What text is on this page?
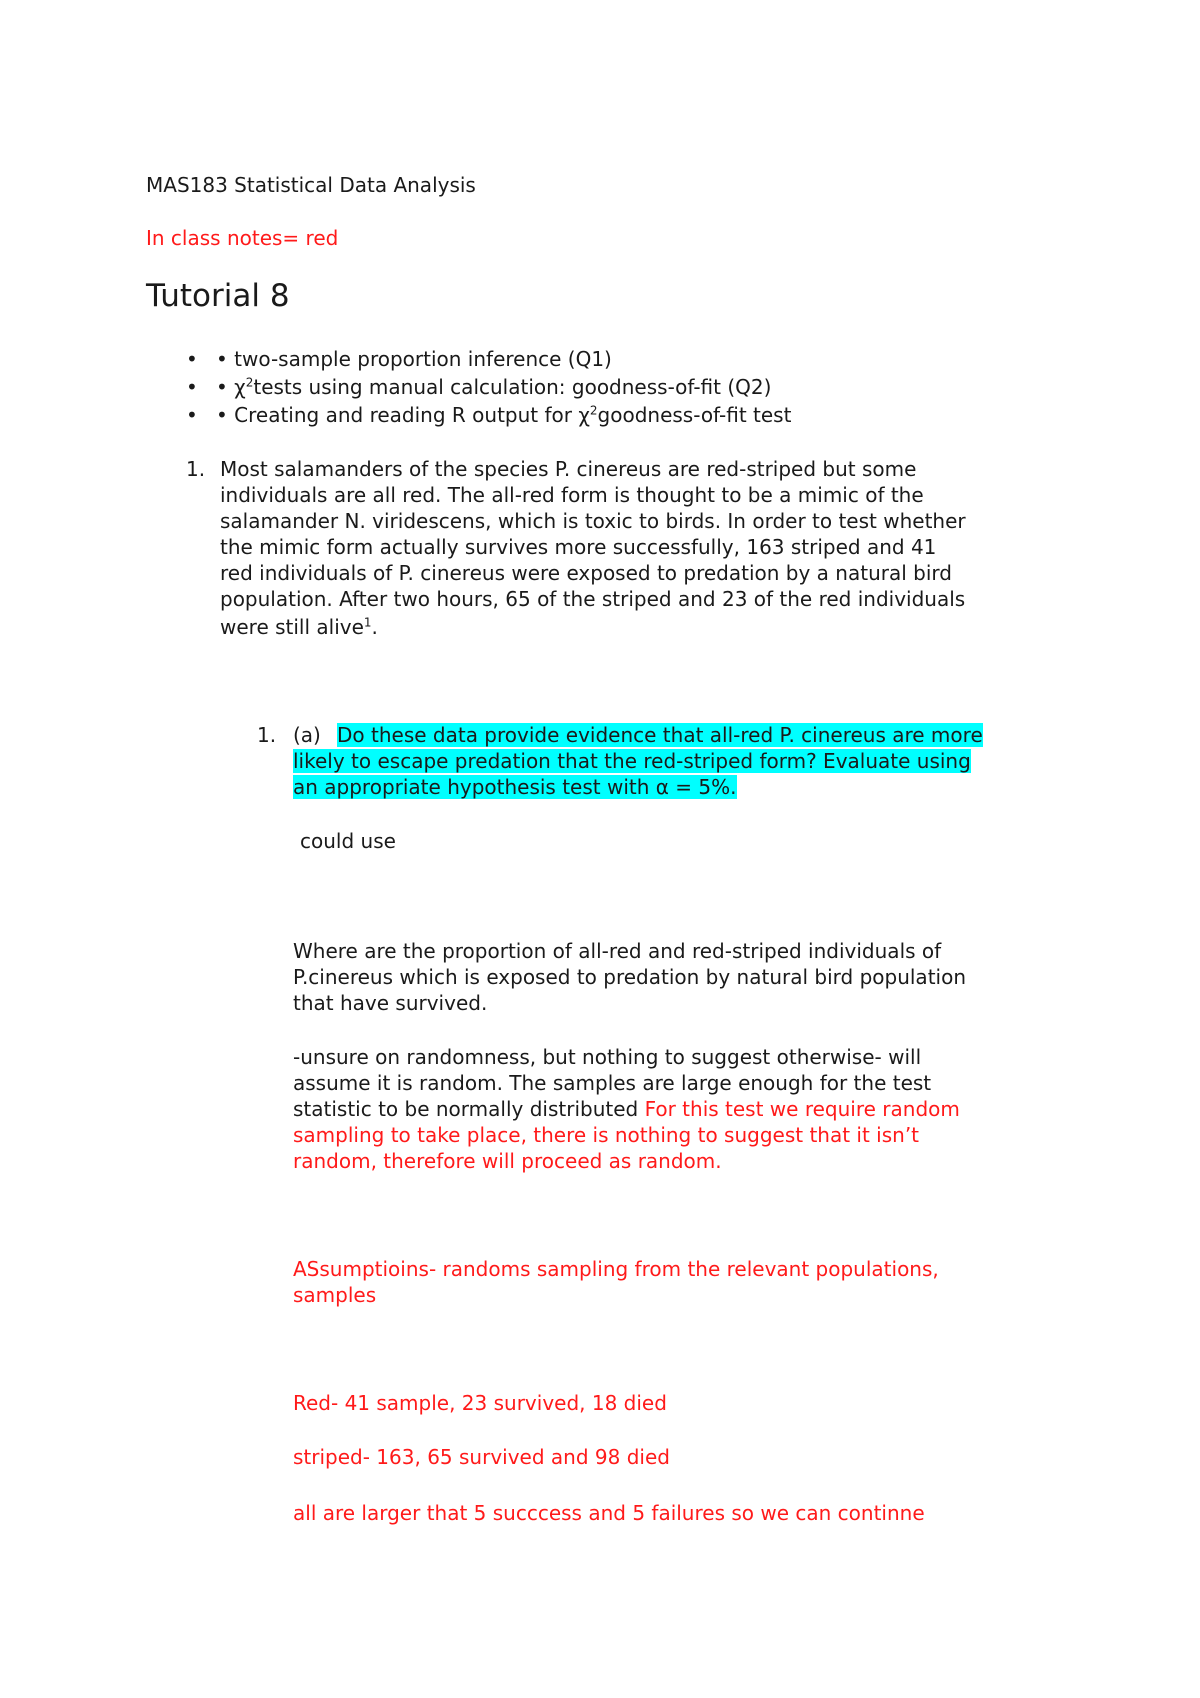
MAS183 Statistical Data Analysis
In class notes= red
Tutorial 8
• • two-sample proportion inference (Q1)
• • $\chi^2tests$ using manual calculation: goodness-of-fit (Q2)
• • Creating and reading R output for $\chi^2goodness-of$-fit test
1. Most salamanders of the species P. cinereus are red-striped but some
individuals are all red. The all-red form is thought to be a mimic of the
salamander N. viridescens, which is toxic to birds. In order to test whether
the mimic form actually survives more successfully, 163 striped and 41
red individuals of P. cinereus were exposed to predation by a natural bird
population. After two hours, 65 of the striped and 23 of the red individuals
were still alive$^1$.
1. (a) Do these data provide evidence that all-red P. cinereus are more
likely to escape predation that the red-striped form? Evaluate using
an appropriate hypothesis test with α = 5%.
could use
Where are the proportion of all-red and red-striped individuals of
P.cinereus which is exposed to predation by natural bird population
that have survived.
-unsure on randomness, but nothing to suggest otherwise- will
assume it is random. The samples are large enough for the test
statistic to be normally distributed For this test we require random
sampling to take place, there is nothing to suggest that it isn’t
random, therefore will proceed as random.
ASsumptioins- randoms sampling from the relevant populations,
samples
Red- 41 sample, 23 survived, 18 died
striped- 163, 65 survived and 98 died
all are larger that 5 succcess and 5 failures so we can continne
